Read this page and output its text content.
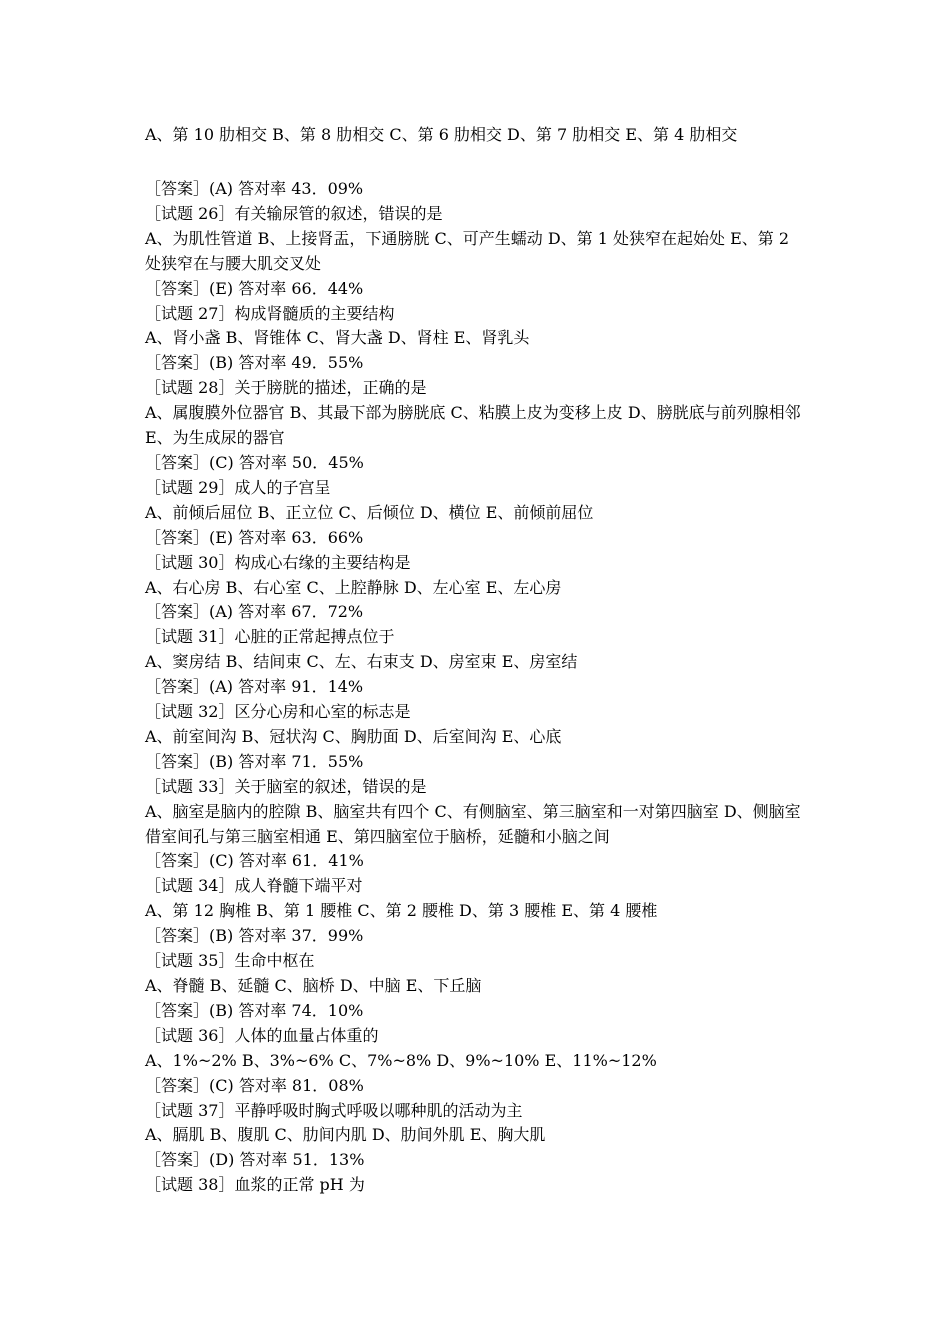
A、第 10 肋相交 B、第 8 肋相交 C、第 6 肋相交 D、第 7 肋相交 E、第 4 肋相交
［答案］(A) 答对率 43．09%
［试题 26］有关输尿管的叙述，错误的是
A、为肌性管道 B、上接肾盂，下通膀胱 C、可产生蠕动 D、第 1 处狭窄在起始处 E、第 2 处狭窄在与腰大肌交叉处
［答案］(E) 答对率 66．44%
［试题 27］构成肾髓质的主要结构
A、肾小盏 B、肾锥体 C、肾大盏 D、肾柱 E、肾乳头
［答案］(B) 答对率 49．55%
［试题 28］关于膀胱的描述，正确的是
A、属腹膜外位器官 B、其最下部为膀胱底 C、粘膜上皮为变移上皮 D、膀胱底与前列腺相邻 E、为生成尿的器官
［答案］(C) 答对率 50．45%
［试题 29］成人的子宫呈
A、前倾后屈位 B、正立位 C、后倾位 D、横位 E、前倾前屈位
［答案］(E) 答对率 63．66%
［试题 30］构成心右缘的主要结构是
A、右心房 B、右心室 C、上腔静脉 D、左心室 E、左心房
［答案］(A) 答对率 67．72%
［试题 31］心脏的正常起搏点位于
A、窦房结 B、结间束 C、左、右束支 D、房室束 E、房室结
［答案］(A) 答对率 91．14%
［试题 32］区分心房和心室的标志是
A、前室间沟 B、冠状沟 C、胸肋面 D、后室间沟 E、心底
［答案］(B) 答对率 71．55%
［试题 33］关于脑室的叙述，错误的是
A、脑室是脑内的腔隙 B、脑室共有四个 C、有侧脑室、第三脑室和一对第四脑室 D、侧脑室借室间孔与第三脑室相通 E、第四脑室位于脑桥，延髓和小脑之间
［答案］(C) 答对率 61．41%
［试题 34］成人脊髓下端平对
A、第 12 胸椎 B、第 1 腰椎 C、第 2 腰椎 D、第 3 腰椎 E、第 4 腰椎
［答案］(B) 答对率 37．99%
［试题 35］生命中枢在
A、脊髓 B、延髓 C、脑桥 D、中脑 E、下丘脑
［答案］(B) 答对率 74．10%
［试题 36］人体的血量占体重的
A、1%~2% B、3%~6% C、7%~8% D、9%~10% E、11%~12%
［答案］(C) 答对率 81．08%
［试题 37］平静呼吸时胸式呼吸以哪种肌的活动为主
A、膈肌 B、腹肌 C、肋间内肌 D、肋间外肌 E、胸大肌
［答案］(D) 答对率 51．13%
［试题 38］血浆的正常 pH 为
